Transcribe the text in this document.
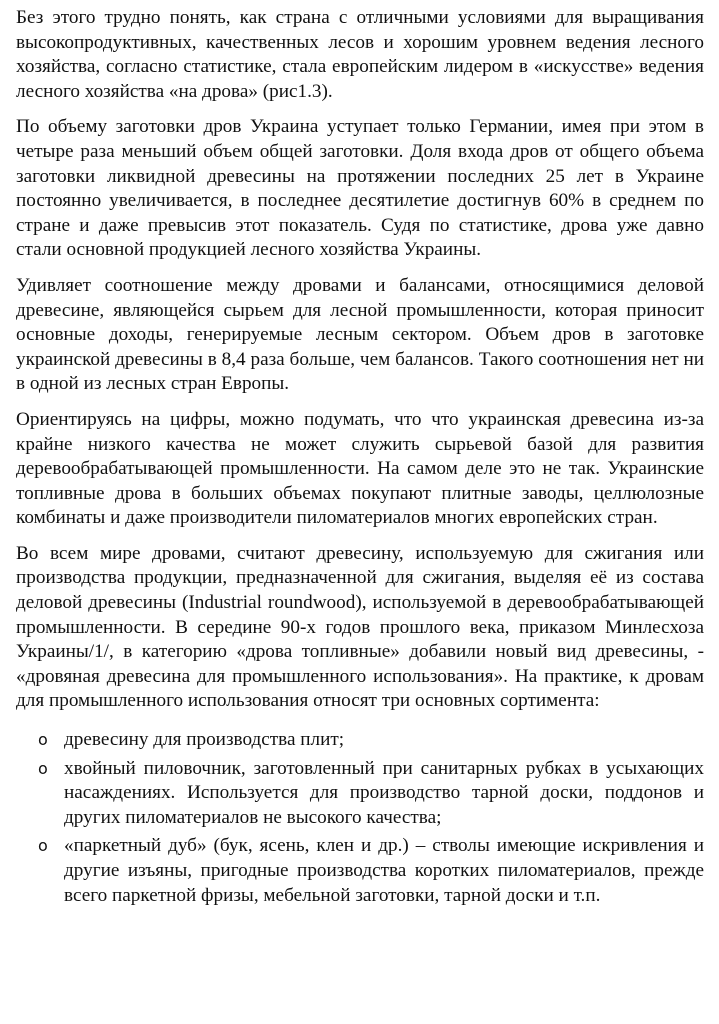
Без этого трудно понять, как страна с отличными условиями для выращивания высокопродуктивных, качественных лесов и хорошим уровнем ведения лесного хозяйства, согласно статистике, стала европейским лидером в «искусстве» ведения лесного хозяйства «на дрова» (рис1.3).

По объему заготовки дров Украина уступает только Германии, имея при этом в четыре раза меньший объем общей заготовки. Доля входа дров от общего объема заготовки ликвидной древесины на протяжении последних 25 лет в Украине постоянно увеличивается, в последнее десятилетие достигнув 60% в среднем по стране и даже превысив этот показатель. Судя по статистике, дрова уже давно стали основной продукцией лесного хозяйства Украины.

Удивляет соотношение между дровами и балансами, относящимися деловой древесине, являющейся сырьем для лесной промышленности, которая приносит основные доходы, генерируемые лесным сектором. Объем дров в заготовке украинской древесины в 8,4 раза больше, чем балансов. Такого соотношения нет ни в одной из лесных стран Европы.

Ориентируясь на цифры, можно подумать, что что украинская древесина из-за крайне низкого качества не может служить сырьевой базой для развития деревообрабатывающей промышленности. На самом деле это не так. Украинские топливные дрова в больших объемах покупают плитные заводы, целлюлозные комбинаты и даже производители пиломатериалов многих европейских стран.

Во всем мире дровами, считают древесину, используемую для сжигания или производства продукции, предназначенной для сжигания, выделяя её из состава деловой древесины (Industrial roundwood), используемой в деревообрабатывающей промышленности. В середине 90-х годов прошлого века, приказом Минлесхоза Украины/1/, в категорию «дрова топливные» добавили новый вид древесины, - «дровяная древесина для промышленного использования». На практике, к дровам для промышленного использования относят три основных сортимента:

o древесину для производства плит;
o хвойный пиловочник, заготовленный при санитарных рубках в усыхающих насаждениях. Используется для производство тарной доски, поддонов и других пиломатериалов не высокого качества;
o «паркетный дуб» (бук, ясень, клен и др.) – стволы имеющие искривления и другие изъяны, пригодные производства коротких пиломатериалов, прежде всего паркетной фризы, мебельной заготовки, тарной доски и т.п.
